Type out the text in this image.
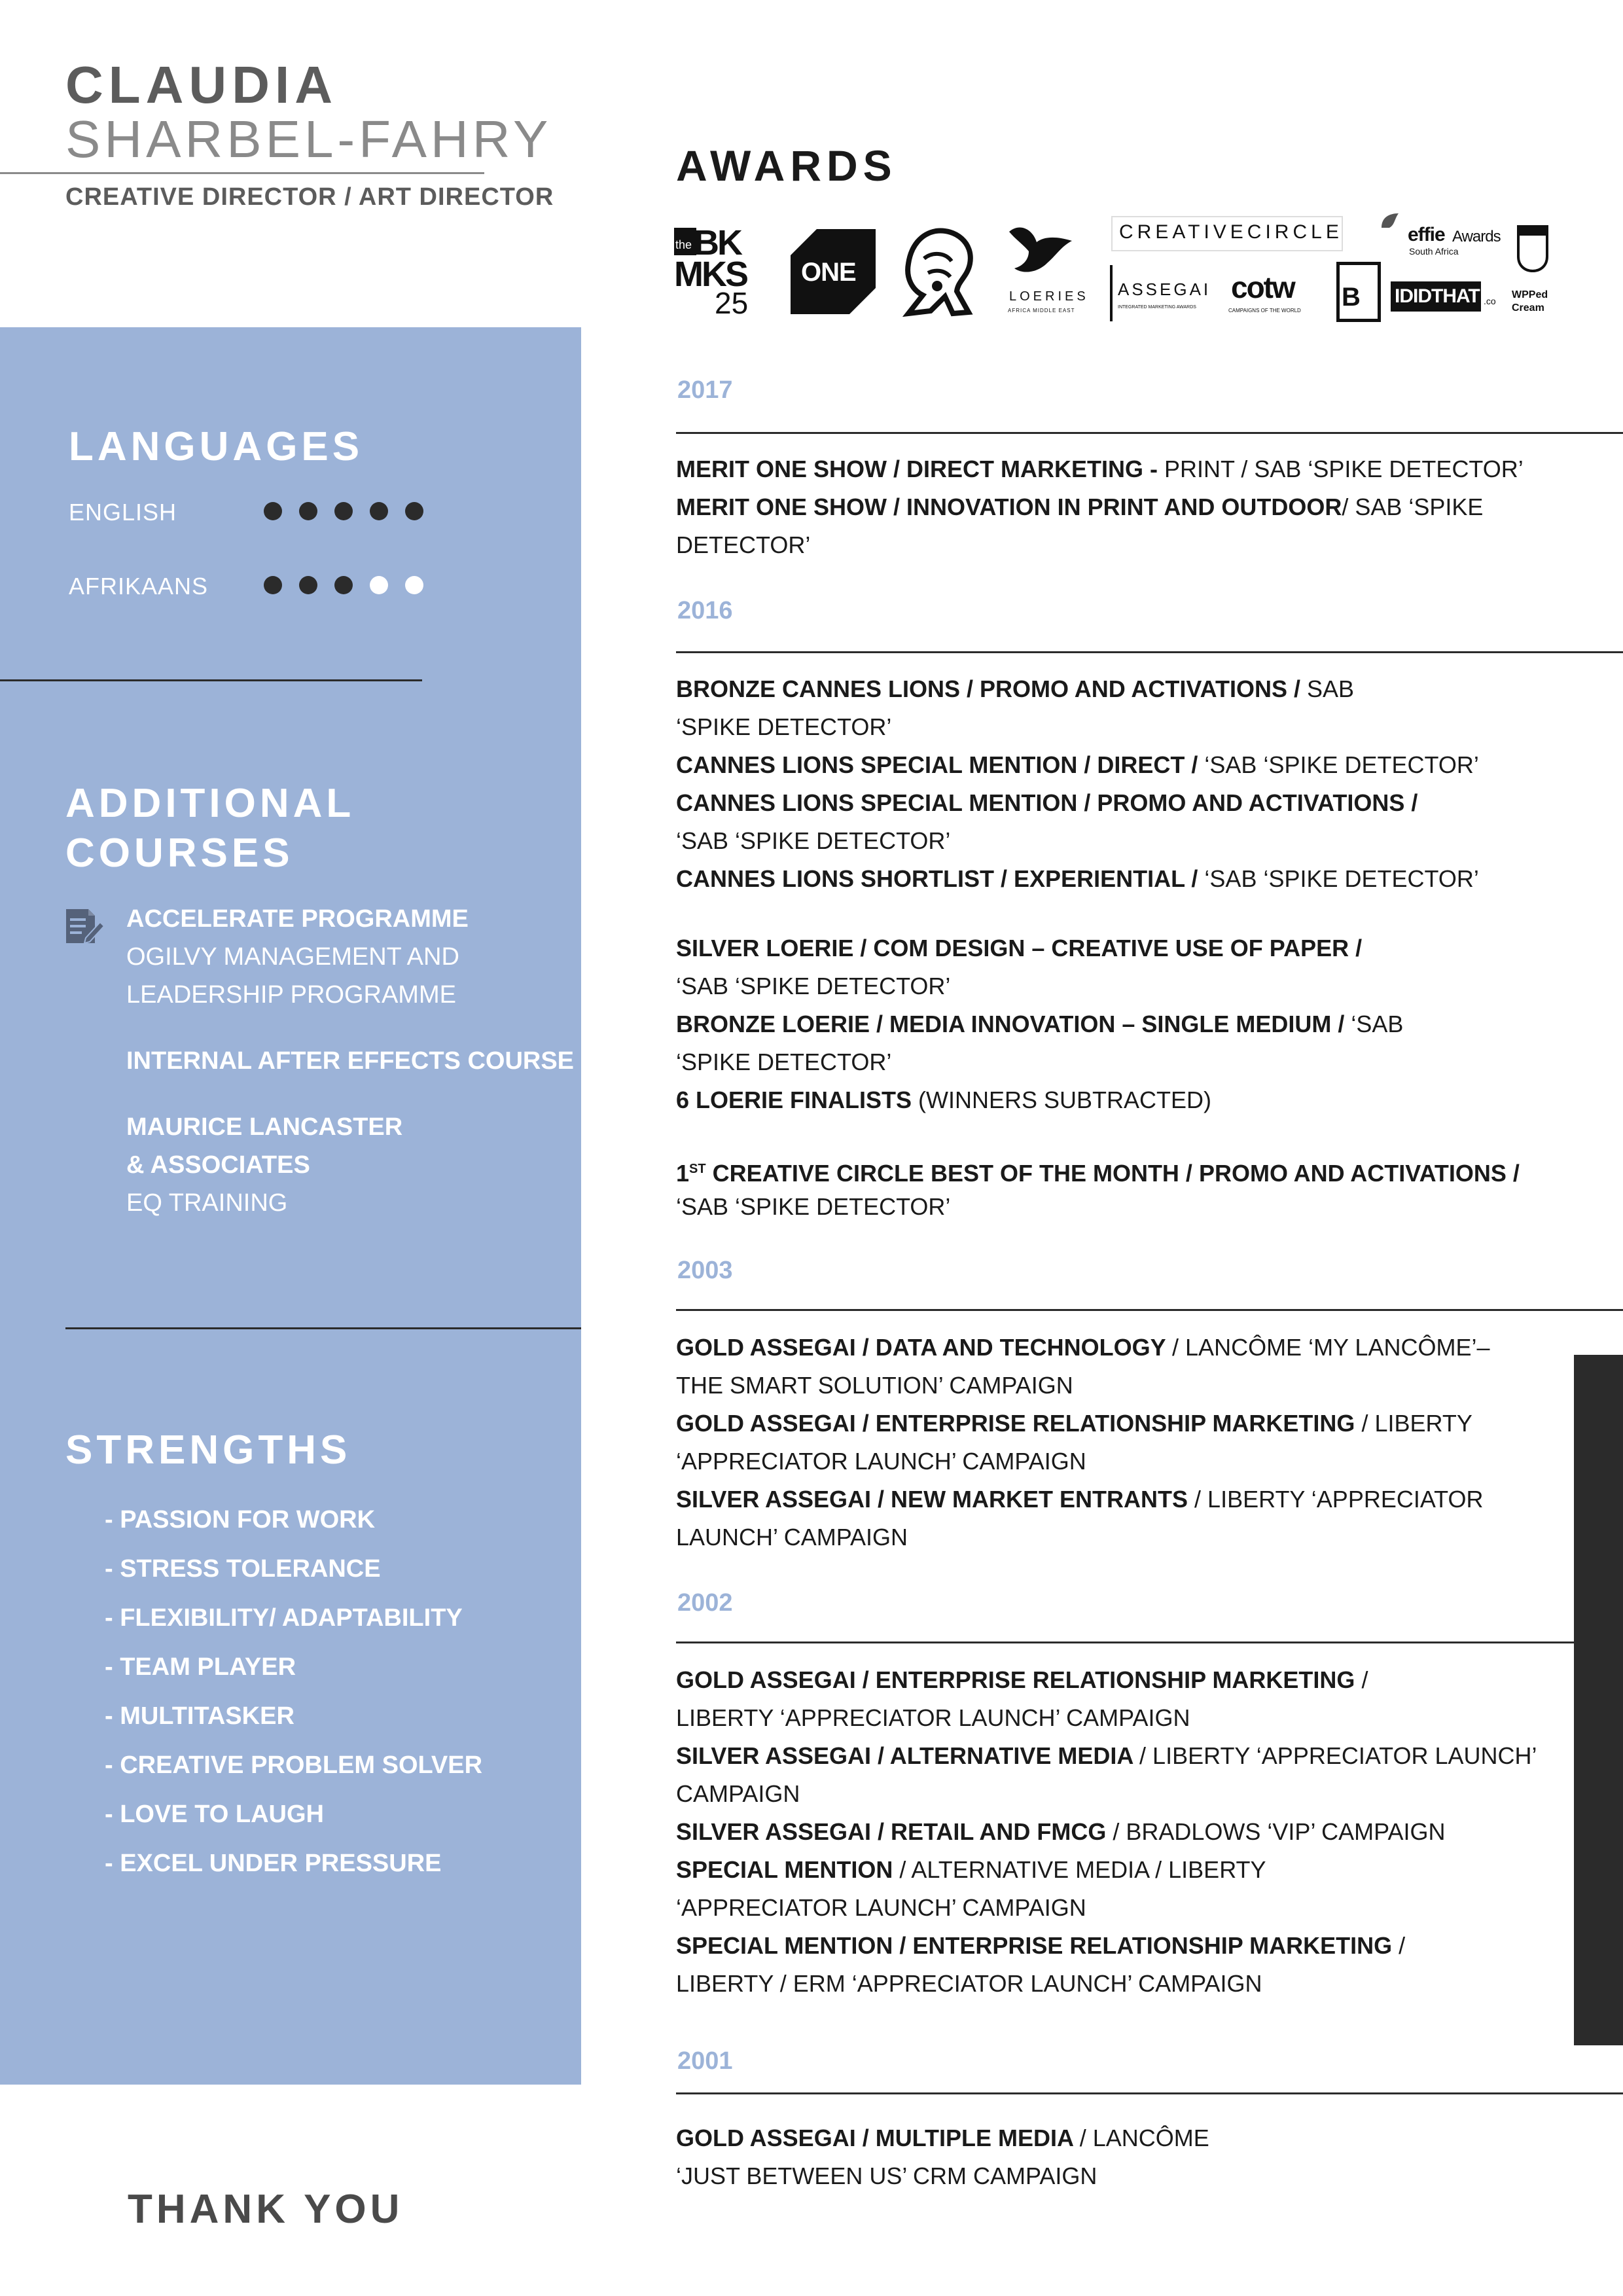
CLAUDIA
SHARBEL-FAHRY
CREATIVE DIRECTOR / ART DIRECTOR
LANGUAGES
ENGLISH
AFRIKAANS
ADDITIONAL
COURSES
ACCELERATE PROGRAMME
OGILVY MANAGEMENT AND
LEADERSHIP PROGRAMME
INTERNAL AFTER EFFECTS COURSE
MAURICE LANCASTER
& ASSOCIATES
EQ TRAINING
STRENGTHS
- PASSION FOR WORK
- STRESS TOLERANCE
- FLEXIBILITY/ ADAPTABILITY
- TEAM PLAYER
- MULTITASKER
- CREATIVE PROBLEM SOLVER
- LOVE TO LAUGH
- EXCEL UNDER PRESSURE
THANK YOU
AWARDS
the BK
MKS
25
ONE
LOERIES
AFRICA MIDDLE EAST
CREATIVECIRCLE
ASSEGAI
INTEGRATED MARKETING AWARDS
cotw
CAMPAIGNS OF THE WORLD
effie Awards
South Africa
B IDIDTHAT .co
WPPed
Cream
2017
MERIT ONE SHOW / DIRECT MARKETING - PRINT / SAB ‘SPIKE DETECTOR’
MERIT ONE SHOW / INNOVATION IN PRINT AND OUTDOOR/ SAB ‘SPIKE
DETECTOR’
2016
BRONZE CANNES LIONS / PROMO AND ACTIVATIONS / SAB
‘SPIKE DETECTOR’
CANNES LIONS SPECIAL MENTION / DIRECT / ‘SAB ‘SPIKE DETECTOR’
CANNES LIONS SPECIAL MENTION / PROMO AND ACTIVATIONS /
‘SAB ‘SPIKE DETECTOR’
CANNES LIONS SHORTLIST / EXPERIENTIAL / ‘SAB ‘SPIKE DETECTOR’
SILVER LOERIE / COM DESIGN – CREATIVE USE OF PAPER /
‘SAB ‘SPIKE DETECTOR’
BRONZE LOERIE / MEDIA INNOVATION – SINGLE MEDIUM / ‘SAB
‘SPIKE DETECTOR’
6 LOERIE FINALISTS (WINNERS SUBTRACTED)
1ST CREATIVE CIRCLE BEST OF THE MONTH / PROMO AND ACTIVATIONS /
‘SAB ‘SPIKE DETECTOR’
2003
GOLD ASSEGAI / DATA AND TECHNOLOGY / LANCÔME ‘MY LANCÔME’–
THE SMART SOLUTION’ CAMPAIGN
GOLD ASSEGAI / ENTERPRISE RELATIONSHIP MARKETING / LIBERTY
‘APPRECIATOR LAUNCH’ CAMPAIGN
SILVER ASSEGAI / NEW MARKET ENTRANTS / LIBERTY ‘APPRECIATOR
LAUNCH’ CAMPAIGN
2002
GOLD ASSEGAI / ENTERPRISE RELATIONSHIP MARKETING /
LIBERTY ‘APPRECIATOR LAUNCH’ CAMPAIGN
SILVER ASSEGAI / ALTERNATIVE MEDIA / LIBERTY ‘APPRECIATOR LAUNCH’
CAMPAIGN
SILVER ASSEGAI / RETAIL AND FMCG / BRADLOWS ‘VIP’ CAMPAIGN
SPECIAL MENTION / ALTERNATIVE MEDIA / LIBERTY
‘APPRECIATOR LAUNCH’ CAMPAIGN
SPECIAL MENTION / ENTERPRISE RELATIONSHIP MARKETING /
LIBERTY / ERM ‘APPRECIATOR LAUNCH’ CAMPAIGN
2001
GOLD ASSEGAI / MULTIPLE MEDIA / LANCÔME
‘JUST BETWEEN US’ CRM CAMPAIGN
